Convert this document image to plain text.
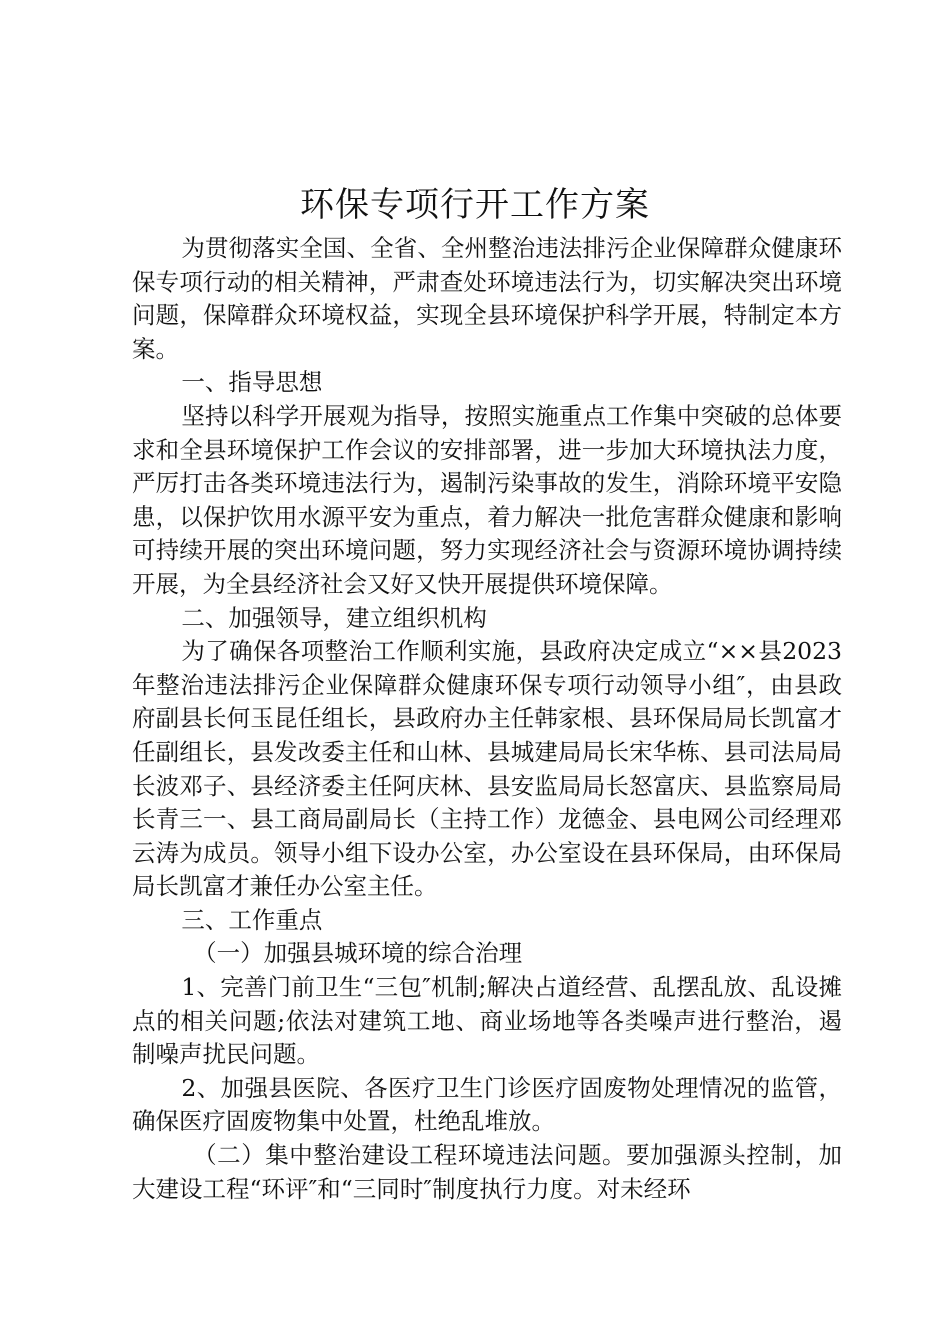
环保专项行开工作方案

为贯彻落实全国、全省、全州整治违法排污企业保障群众健康环保专项行动的相关精神，严肃查处环境违法行为，切实解决突出环境问题，保障群众环境权益，实现全县环境保护科学开展，特制定本方案。

一、指导思想

坚持以科学开展观为指导，按照实施重点工作集中突破的总体要求和全县环境保护工作会议的安排部署，进一步加大环境执法力度，严厉打击各类环境违法行为，遏制污染事故的发生，消除环境平安隐患，以保护饮用水源平安为重点，着力解决一批危害群众健康和影响可持续开展的突出环境问题，努力实现经济社会与资源环境协调持续开展，为全县经济社会又好又快开展提供环境保障。

二、加强领导，建立组织机构

为了确保各项整治工作顺利实施，县政府决定成立“××县2023年整治违法排污企业保障群众健康环保专项行动领导小组″，由县政府副县长何玉昆任组长，县政府办主任韩家根、县环保局局长凯富才任副组长，县发改委主任和山林、县城建局局长宋华栋、县司法局局长波邓子、县经济委主任阿庆林、县安监局局长怒富庆、县监察局局长青三一、县工商局副局长（主持工作）龙德金、县电网公司经理邓云涛为成员。领导小组下设办公室，办公室设在县环保局，由环保局局长凯富才兼任办公室主任。

三、工作重点

（一）加强县城环境的综合治理

1、完善门前卫生“三包″机制;解决占道经营、乱摆乱放、乱设摊点的相关问题;依法对建筑工地、商业场地等各类噪声进行整治，遏制噪声扰民问题。

2、加强县医院、各医疗卫生门诊医疗固废物处理情况的监管，确保医疗固废物集中处置，杜绝乱堆放。

（二）集中整治建设工程环境违法问题。要加强源头控制，加大建设工程“环评″和“三同时″制度执行力度。对未经环
